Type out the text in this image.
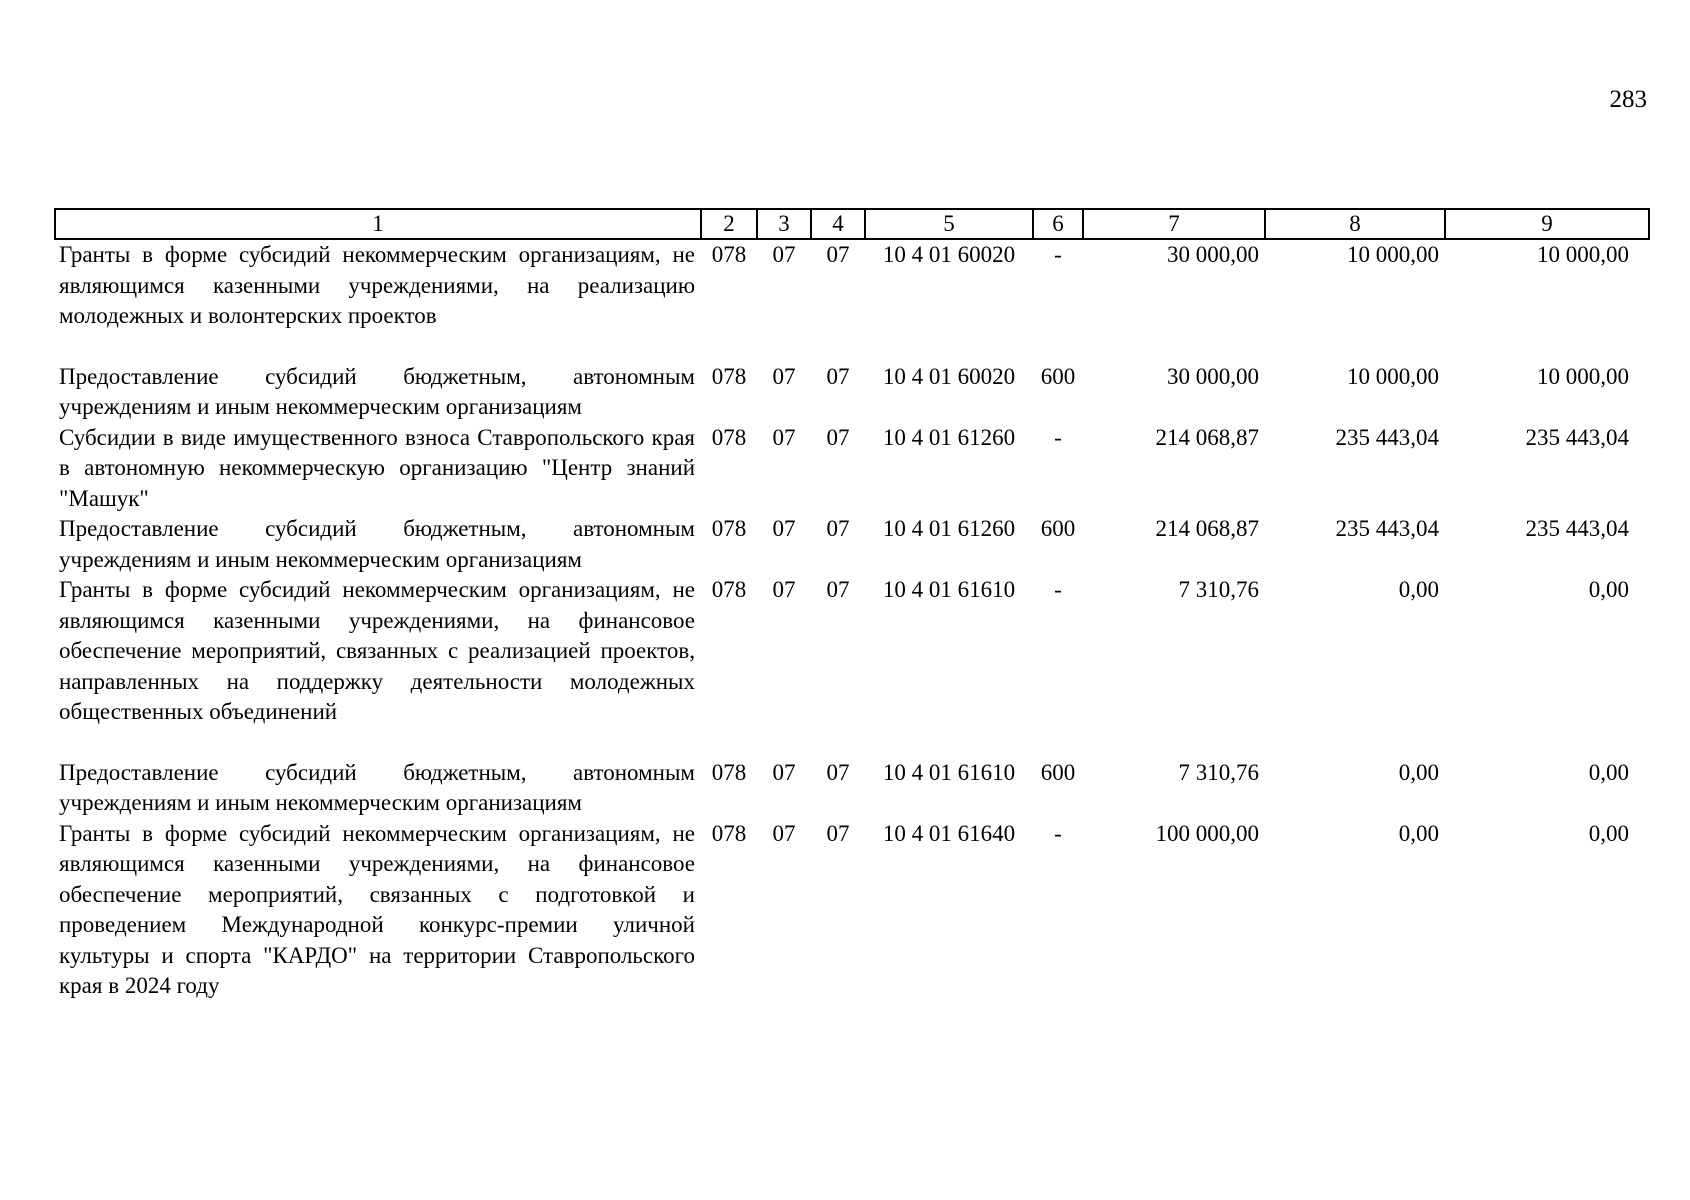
283
1	2	3	4	5	6	7	8	9
Гранты в форме субсидий некоммерческим организациям, не являющимся казенными учреждениями, на реализацию молодежных и волонтерских проектов	078	07	07	10 4 01 60020	-	30 000,00	10 000,00	10 000,00
Предоставление субсидий бюджетным, автономным учреждениям и иным некоммерческим организациям	078	07	07	10 4 01 60020	600	30 000,00	10 000,00	10 000,00
Субсидии в виде имущественного взноса Ставропольского края в автономную некоммерческую организацию "Центр знаний "Машук"	078	07	07	10 4 01 61260	-	214 068,87	235 443,04	235 443,04
Предоставление субсидий бюджетным, автономным учреждениям и иным некоммерческим организациям	078	07	07	10 4 01 61260	600	214 068,87	235 443,04	235 443,04
Гранты в форме субсидий некоммерческим организациям, не являющимся казенными учреждениями, на финансовое обеспечение мероприятий, связанных с реализацией проектов, направленных на поддержку деятельности молодежных общественных объединений	078	07	07	10 4 01 61610	-	7 310,76	0,00	0,00
Предоставление субсидий бюджетным, автономным учреждениям и иным некоммерческим организациям	078	07	07	10 4 01 61610	600	7 310,76	0,00	0,00
Гранты в форме субсидий некоммерческим организациям, не являющимся казенными учреждениями, на финансовое обеспечение мероприятий, связанных с подготовкой и проведением Международной конкурс-премии уличной культуры и спорта "КАРДО" на территории Ставропольского края в 2024 году	078	07	07	10 4 01 61640	-	100 000,00	0,00	0,00
